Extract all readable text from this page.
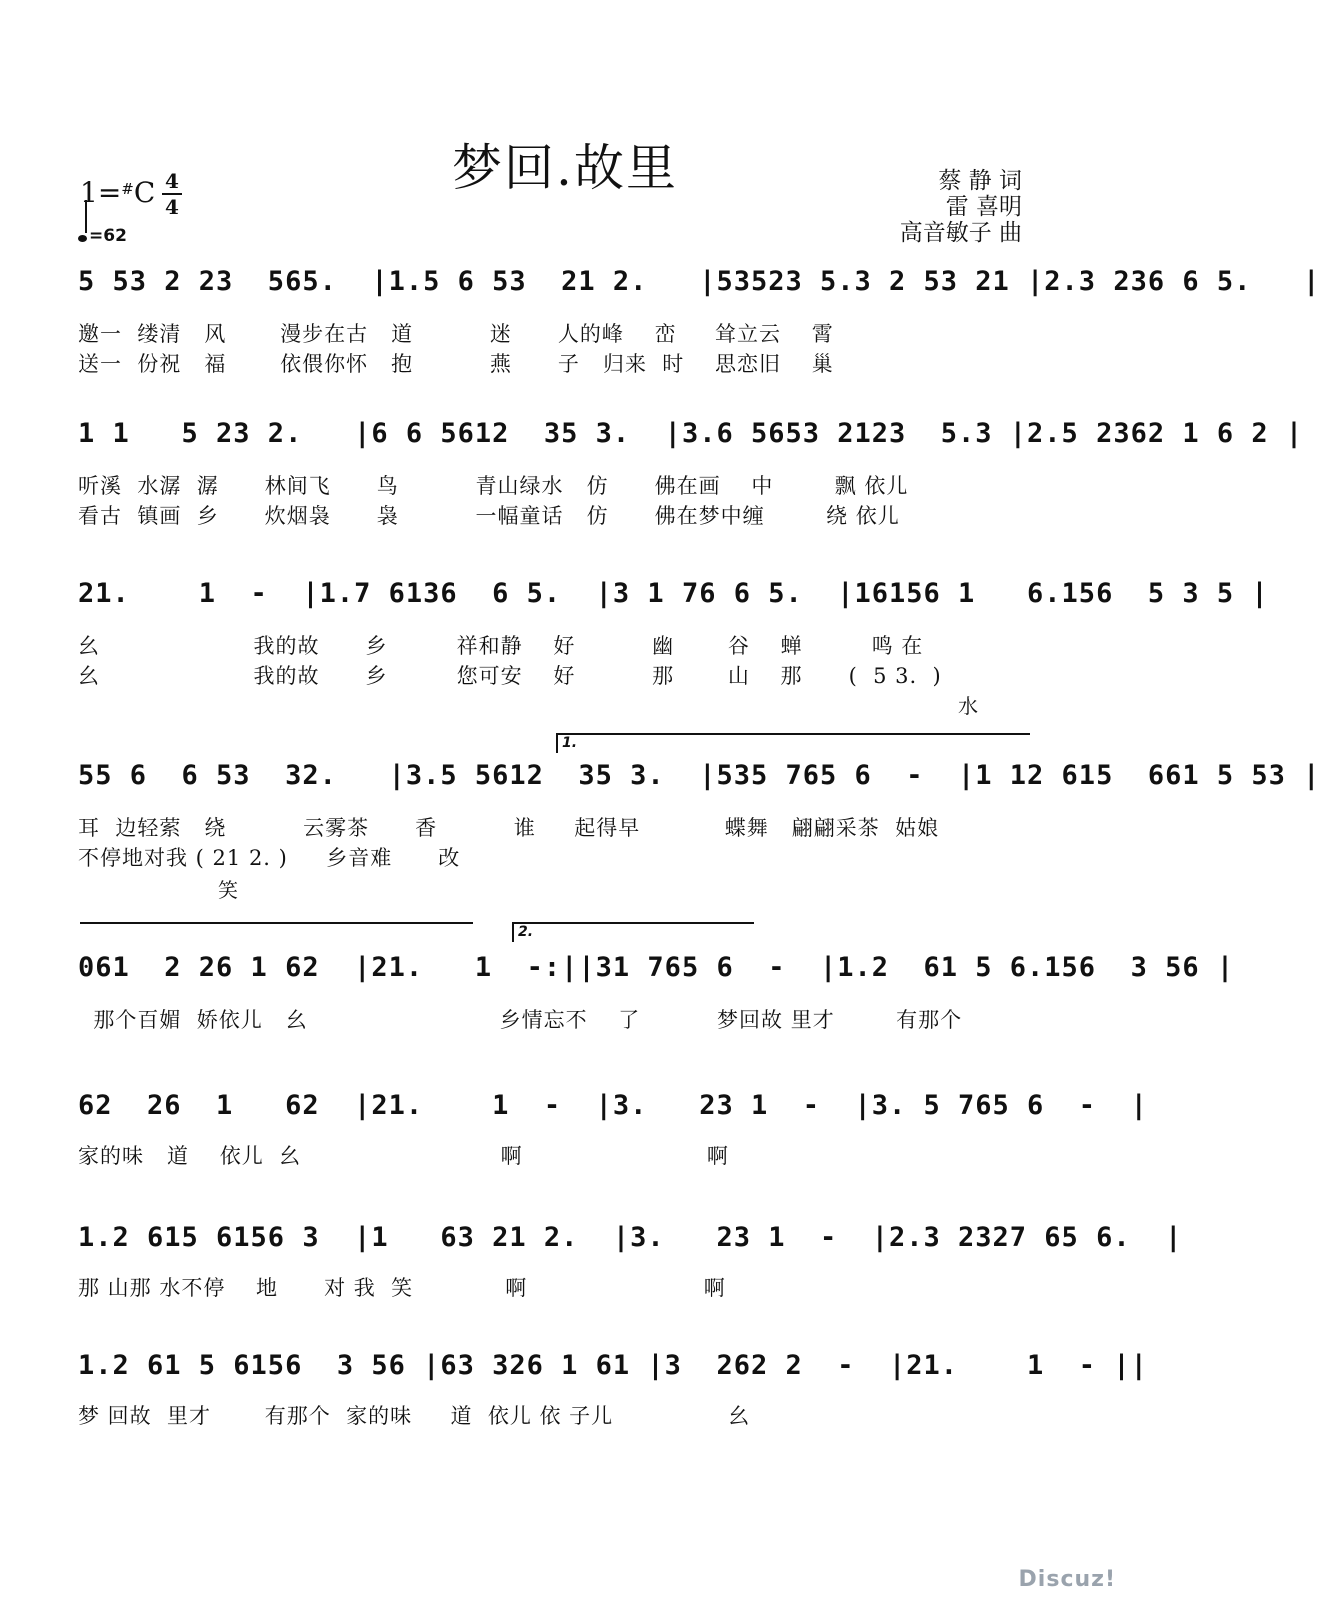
梦回.故里
1=#C 4
4
=62
蔡 静 词
雷 喜明
高音敏子 曲
5 53 2 23  565.  |1.5 6 53  21 2.   |53523 5.3 2 53 21 |2.3 236 6 5.   |
邀一  缕清   风       漫步在古   道          迷      人的峰    峦     耸立云    霄
送一  份祝   福       依偎你怀   抱          燕      子   归来  时    思恋旧    巢
1 1   5 23 2.   |6 6 5612  35 3.  |3.6 5653 2123  5.3 |2.5 2362 1 6 2 |
听溪  水潺  潺      林间飞      鸟          青山绿水   仿      佛在画    中        飘 依儿
看古  镇画  乡      炊烟袅      袅          一幅童话   仿      佛在梦中缠        绕 依儿
21.    1  -  |1.7 6136  6 5.  |3 1 76 6 5.  |16156 1   6.156  5 3 5 |
幺                    我的故      乡         祥和静    好          幽       谷    蝉         鸣 在
幺                    我的故      乡         您可安    好          那       山    那      (  5 3.  )
水
1.
55 6  6 53  32.   |3.5 5612  35 3.  |535 765 6  -  |1 12 615  661 5 53 |
耳  边轻萦   绕          云雾茶      香          谁     起得早           蝶舞   翩翩采茶  姑娘
不停地对我 ( 21 2. )     乡音难      改
笑
2.
061  2 26 1 62  |21.   1  -:||31 765 6  -  |1.2  61 5 6.156  3 56 |
那个百媚  娇依儿   幺                         乡情忘不    了          梦回故 里才        有那个
62  26  1   62  |21.    1  -  |3.   23 1  -  |3. 5 765 6  -  |
家的味   道    依儿  幺                          啊                        啊
1.2 615 6156 3  |1   63 21 2.  |3.   23 1  -  |2.3 2327 65 6.  |
那 山那 水不停    地      对 我  笑            啊                       啊
1.2 61 5 6156  3 56 |63 326 1 61 |3  262 2  -  |21.    1  - ||
梦 回故  里才       有那个  家的味     道  依儿 依 子儿               幺
Discuz!
